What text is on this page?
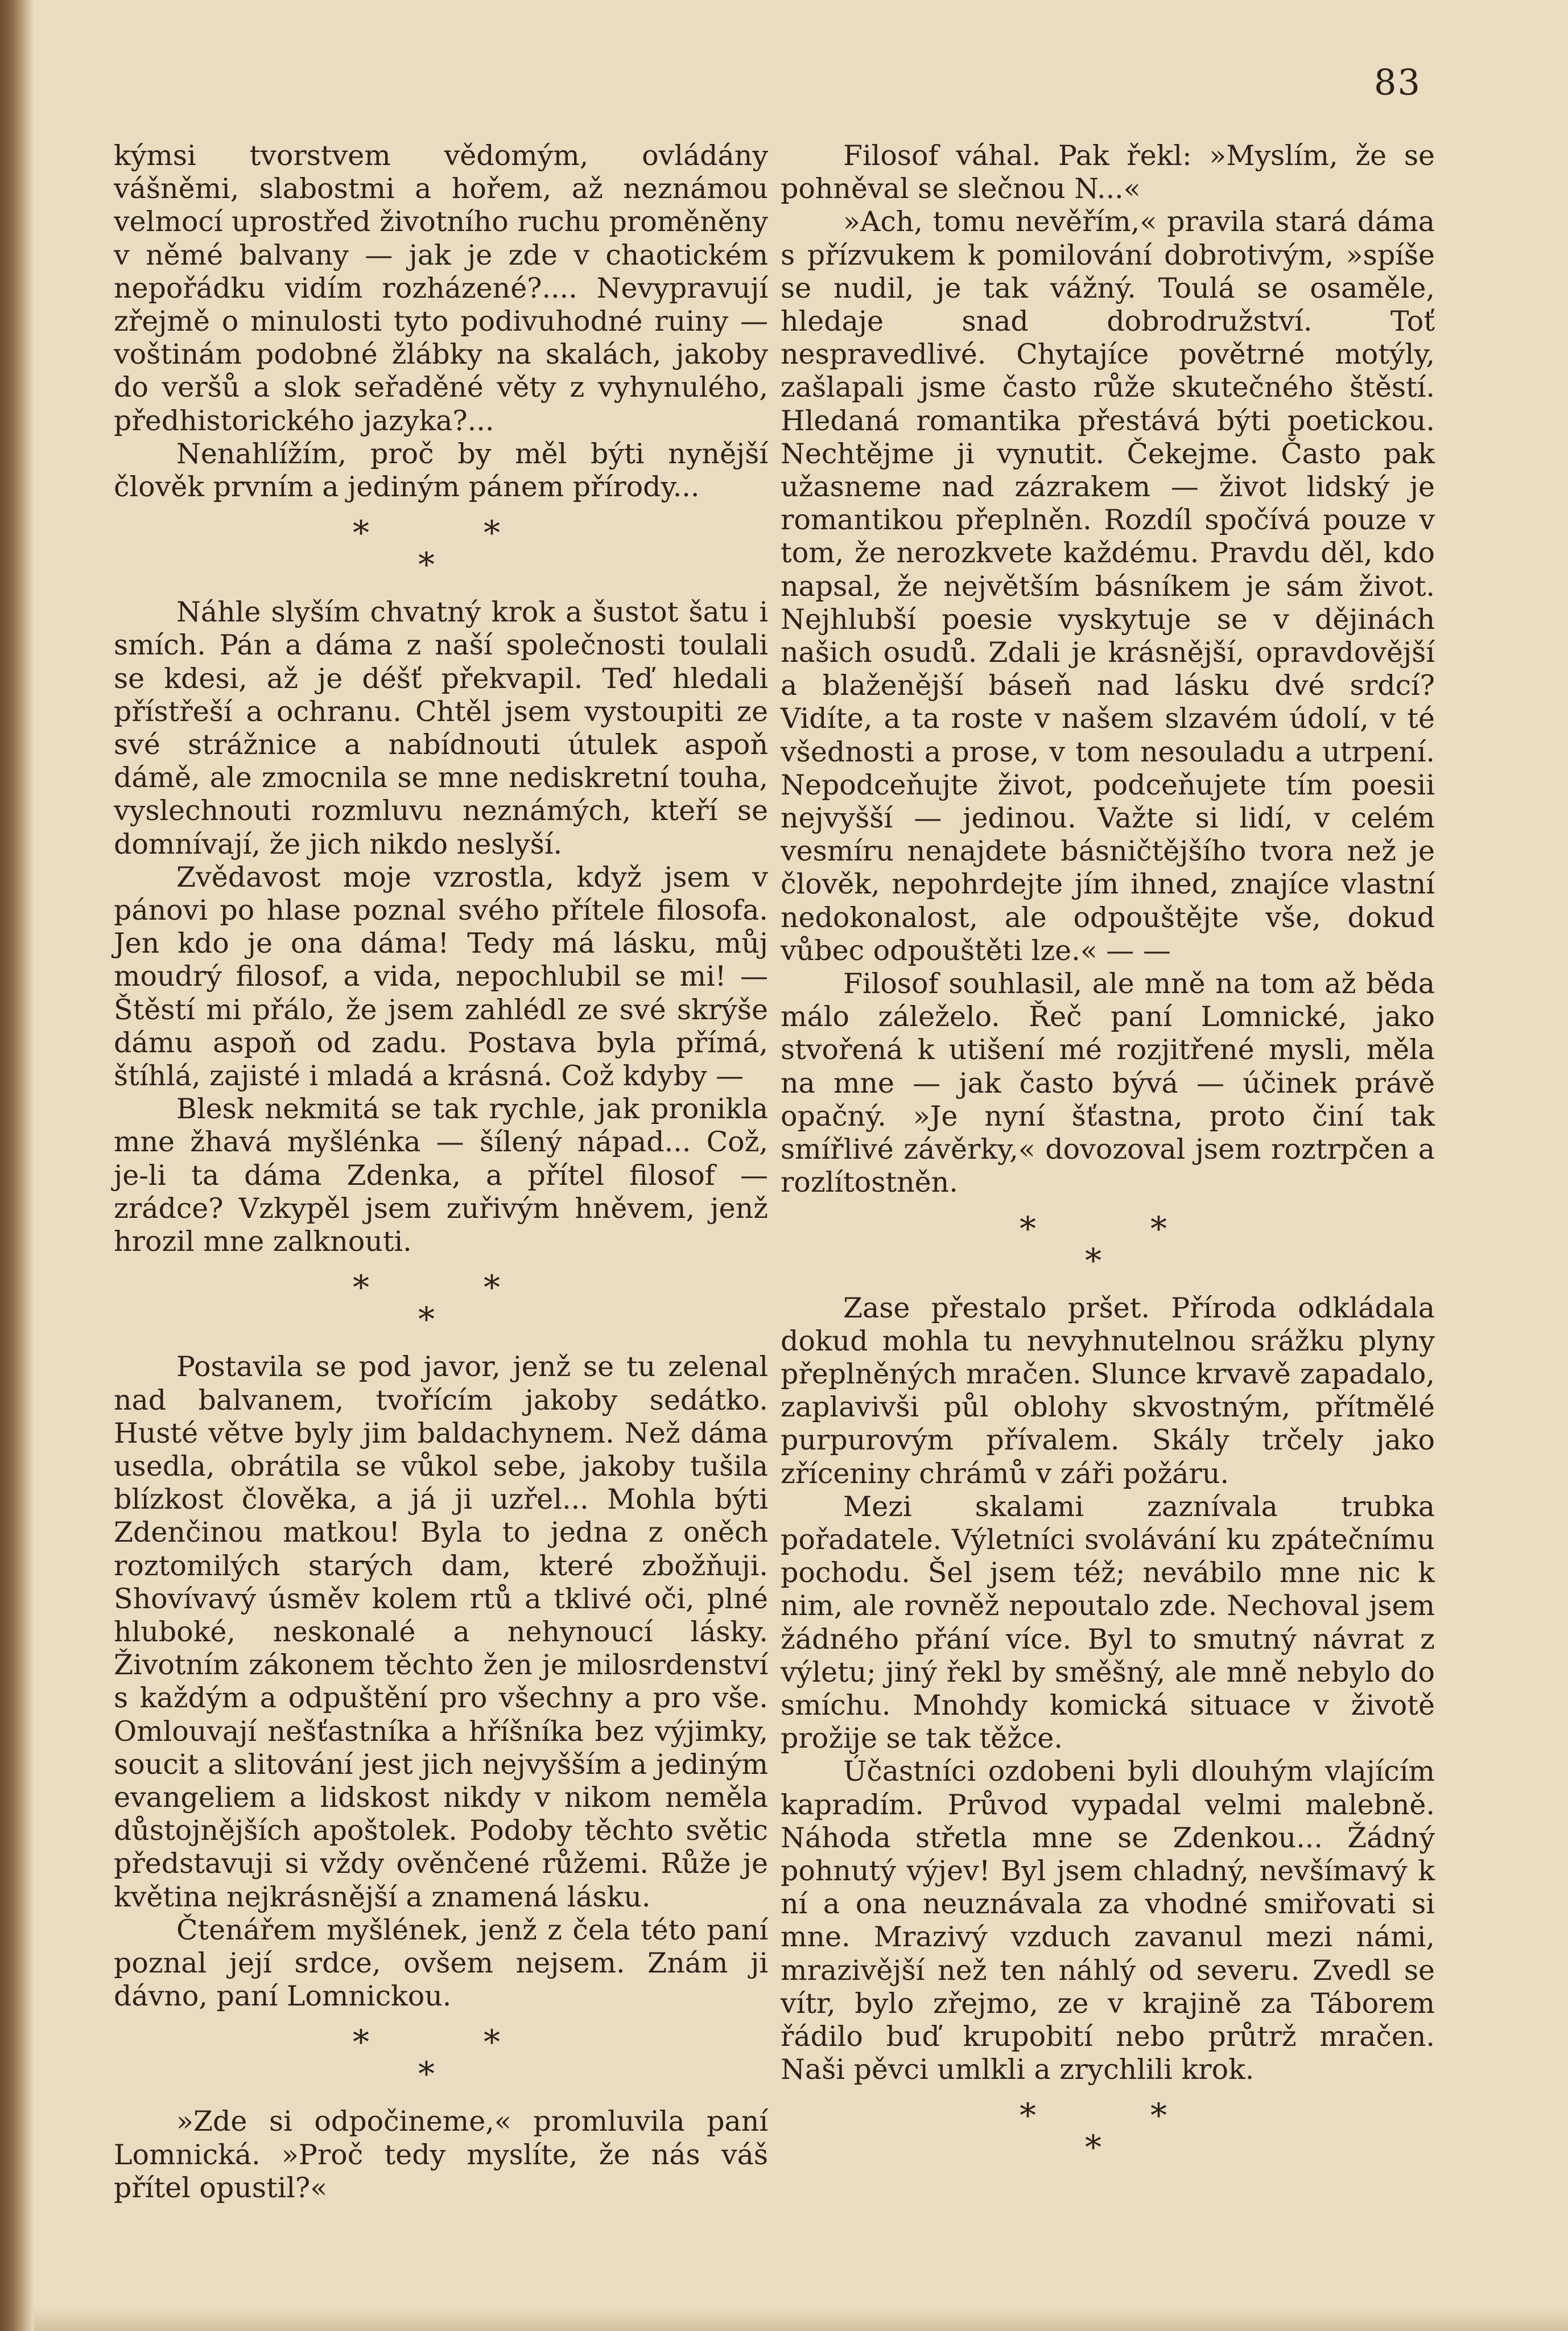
83

kýmsi tvorstvem vědomým, ovládány vášněmi, slabostmi a hořem, až neznámou velmocí uprostřed životního ruchu proměněny v němé balvany — jak je zde v chaotickém nepořádku vidím rozházené?.... Nevypravují zřejmě o minulosti tyto podivuhodné ruiny — voštinám podobné žlábky na skalách, jakoby do veršů a slok seřaděné věty z vyhynulého, předhistorického jazyka?...

Nenahlížím, proč by měl býti nynější člověk prvním a jediným pánem přírody...

*	*
*

Náhle slyším chvatný krok a šustot šatu i smích. Pán a dáma z naší společnosti toulali se kdesi, až je déšť překvapil. Teď hledali přístřeší a ochranu. Chtěl jsem vystoupiti ze své strážnice a nabídnouti útulek aspoň dámě, ale zmocnila se mne nediskretní touha, vyslechnouti rozmluvu neznámých, kteří se domnívají, že jich nikdo neslyší.

Zvědavost moje vzrostla, když jsem v pánovi po hlase poznal svého přítele filosofa. Jen kdo je ona dáma! Tedy má lásku, můj moudrý filosof, a vida, nepochlubil se mi! — Štěstí mi přálo, že jsem zahlédl ze své skrýše dámu aspoň od zadu. Postava byla přímá, štíhlá, zajisté i mladá a krásná. Což kdyby —

Blesk nekmitá se tak rychle, jak pronikla mne žhavá myšlénka — šílený nápad... Což, je-li ta dáma Zdenka, a přítel filosof — zrádce? Vzkypěl jsem zuřivým hněvem, jenž hrozil mne zalknouti.

*	*
*

Postavila se pod javor, jenž se tu zelenal nad balvanem, tvořícím jakoby sedátko. Husté větve byly jim baldachynem. Než dáma usedla, obrátila se vůkol sebe, jakoby tušila blízkost člověka, a já ji uzřel... Mohla býti Zdenčinou matkou! Byla to jedna z oněch roztomilých starých dam, které zbožňuji. Shovívavý úsměv kolem rtů a tklivé oči, plné hluboké, neskonalé a nehynoucí lásky. Životním zákonem těchto žen je milosrdenství s každým a odpuštění pro všechny a pro vše. Omlouvají nešťastníka a hříšníka bez výjimky, soucit a slitování jest jich nejvyšším a jediným evangeliem a lidskost nikdy v nikom neměla důstojnějších apoštolek. Podoby těchto světic představuji si vždy ověnčené růžemi. Růže je květina nejkrásnější a znamená lásku.

Čtenářem myšlének, jenž z čela této paní poznal její srdce, ovšem nejsem. Znám ji dávno, paní Lomnickou.

*	*
*

»Zde si odpočineme,« promluvila paní Lomnická. »Proč tedy myslíte, že nás váš přítel opustil?«

Filosof váhal. Pak řekl: »Myslím, že se pohněval se slečnou N...«

»Ach, tomu nevěřím,« pravila stará dáma s přízvukem k pomilování dobrotivým, »spíše se nudil, je tak vážný. Toulá se osaměle, hledaje snad dobrodružství. Toť nespravedlivé. Chytajíce povětrné motýly, zašlapali jsme často růže skutečného štěstí. Hledaná romantika přestává býti poetickou. Nechtějme ji vynutit. Čekejme. Často pak užasneme nad zázrakem — život lidský je romantikou přeplněn. Rozdíl spočívá pouze v tom, že nerozkvete každému. Pravdu děl, kdo napsal, že největším básníkem je sám život. Nejhlubší poesie vyskytuje se v dějinách našich osudů. Zdali je krásnější, opravdovější a blaženější báseň nad lásku dvé srdcí? Vidíte, a ta roste v našem slzavém údolí, v té všednosti a prose, v tom nesouladu a utrpení. Nepodceňujte život, podceňujete tím poesii nejvyšší — jedinou. Važte si lidí, v celém vesmíru nenajdete básničtějšího tvora než je člověk, nepohrdejte jím ihned, znajíce vlastní nedokonalost, ale odpouštějte vše, dokud vůbec odpouštěti lze.« — —

Filosof souhlasil, ale mně na tom až běda málo záleželo. Řeč paní Lomnické, jako stvořená k utišení mé rozjitřené mysli, měla na mne — jak často bývá — účinek právě opačný. »Je nyní šťastna, proto činí tak smířlivé závěrky,« dovozoval jsem roztrpčen a rozlítostněn.

*	*
*

Zase přestalo pršet. Příroda odkládala dokud mohla tu nevyhnutelnou srážku plyny přeplněných mračen. Slunce krvavě zapadalo, zaplavivši půl oblohy skvostným, přítmělé purpurovým přívalem. Skály trčely jako zříceniny chrámů v záři požáru.

Mezi skalami zaznívala trubka pořadatele. Výletníci svolávání ku zpátečnímu pochodu. Šel jsem též; nevábilo mne nic k nim, ale rovněž nepoutalo zde. Nechoval jsem žádného přání více. Byl to smutný návrat z výletu; jiný řekl by směšný, ale mně nebylo do smíchu. Mnohdy komická situace v životě prožije se tak těžce.

Účastníci ozdobeni byli dlouhým vlajícím kapradím. Průvod vypadal velmi malebně. Náhoda střetla mne se Zdenkou... Žádný pohnutý výjev! Byl jsem chladný, nevšímavý k ní a ona neuznávala za vhodné smiřovati si mne. Mrazivý vzduch zavanul mezi námi, mrazivější než ten náhlý od severu. Zvedl se vítr, bylo zřejmo, ze v krajině za Táborem řádilo buď krupobití nebo průtrž mračen. Naši pěvci umlkli a zrychlili krok.

*	*
*
